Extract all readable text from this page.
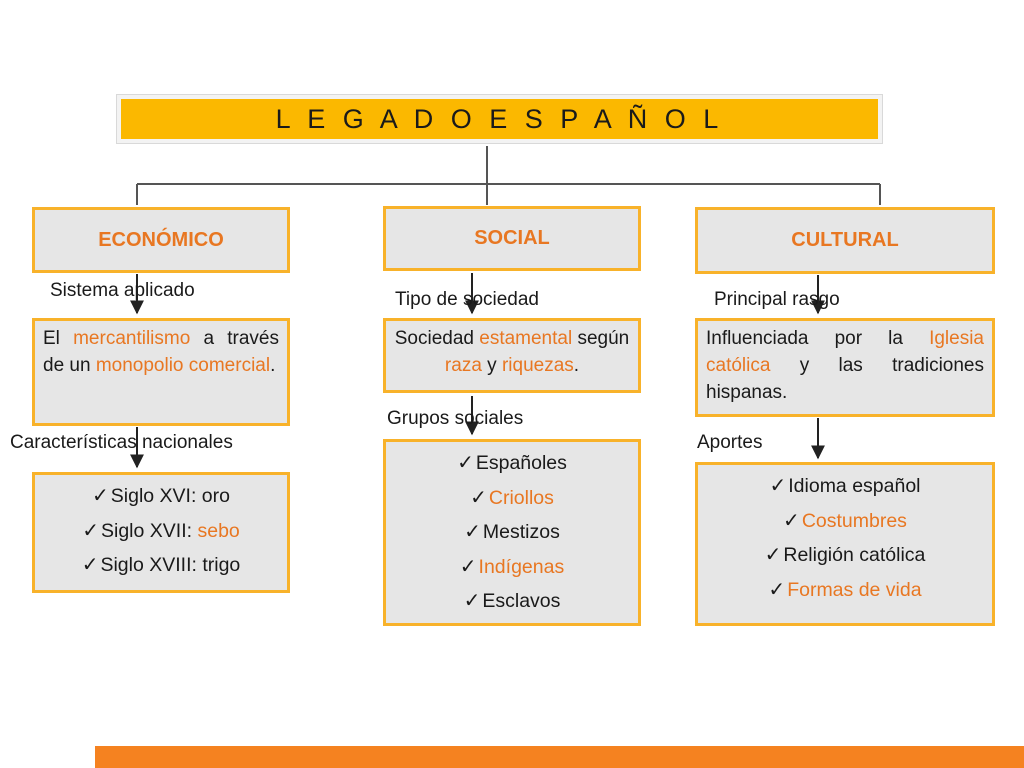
L E G A D O E S P A Ñ O L
ECONÓMICO
Sistema aplicado
El mercantilismo a través de un monopolio comercial.
Características nacionales
✓ Siglo XVI: oro
✓ Siglo XVII: sebo
✓ Siglo XVIII: trigo
SOCIAL
Tipo de sociedad
Sociedad estamental según raza y riquezas.
Grupos sociales
✓ Españoles
✓ Criollos
✓ Mestizos
✓ Indígenas
✓ Esclavos
CULTURAL
Principal rasgo
Influenciada por la Iglesia católica y las tradiciones hispanas.
Aportes
✓ Idioma español
✓ Costumbres
✓ Religión católica
✓ Formas de vida
